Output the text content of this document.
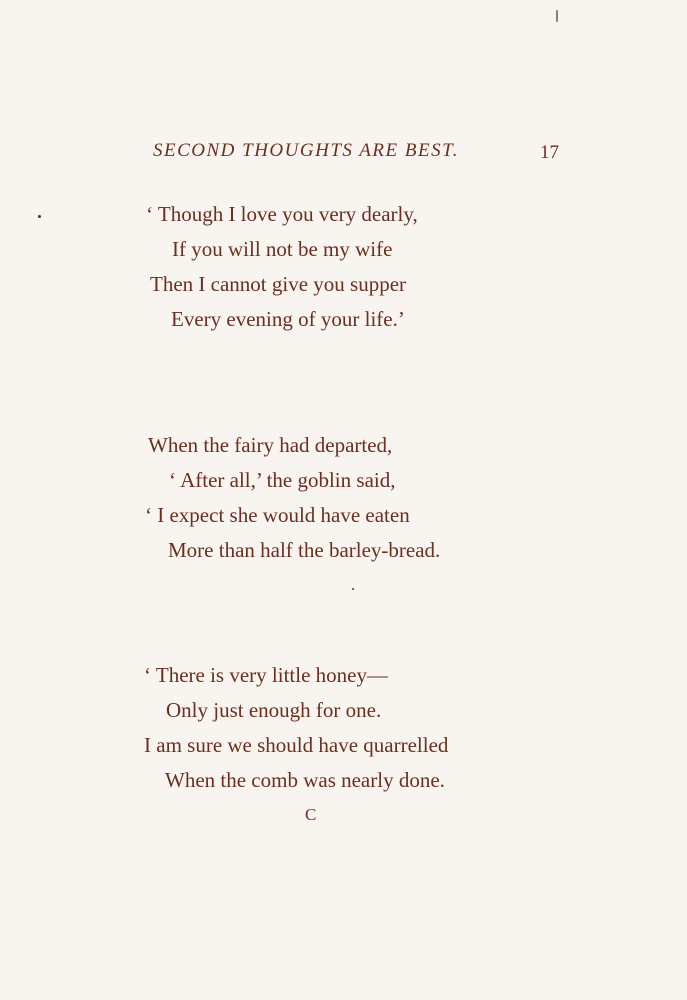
SECOND THOUGHTS ARE BEST.	17
‘ Though I love you very dearly,
If you will not be my wife
Then I cannot give you supper
Every evening of your life.’
When the fairy had departed,
‘ After all,’ the goblin said,
‘ I expect she would have eaten
More than half the barley-bread.
‘ There is very little honey—
Only just enough for one.
I am sure we should have quarrelled
When the comb was nearly done.
C
